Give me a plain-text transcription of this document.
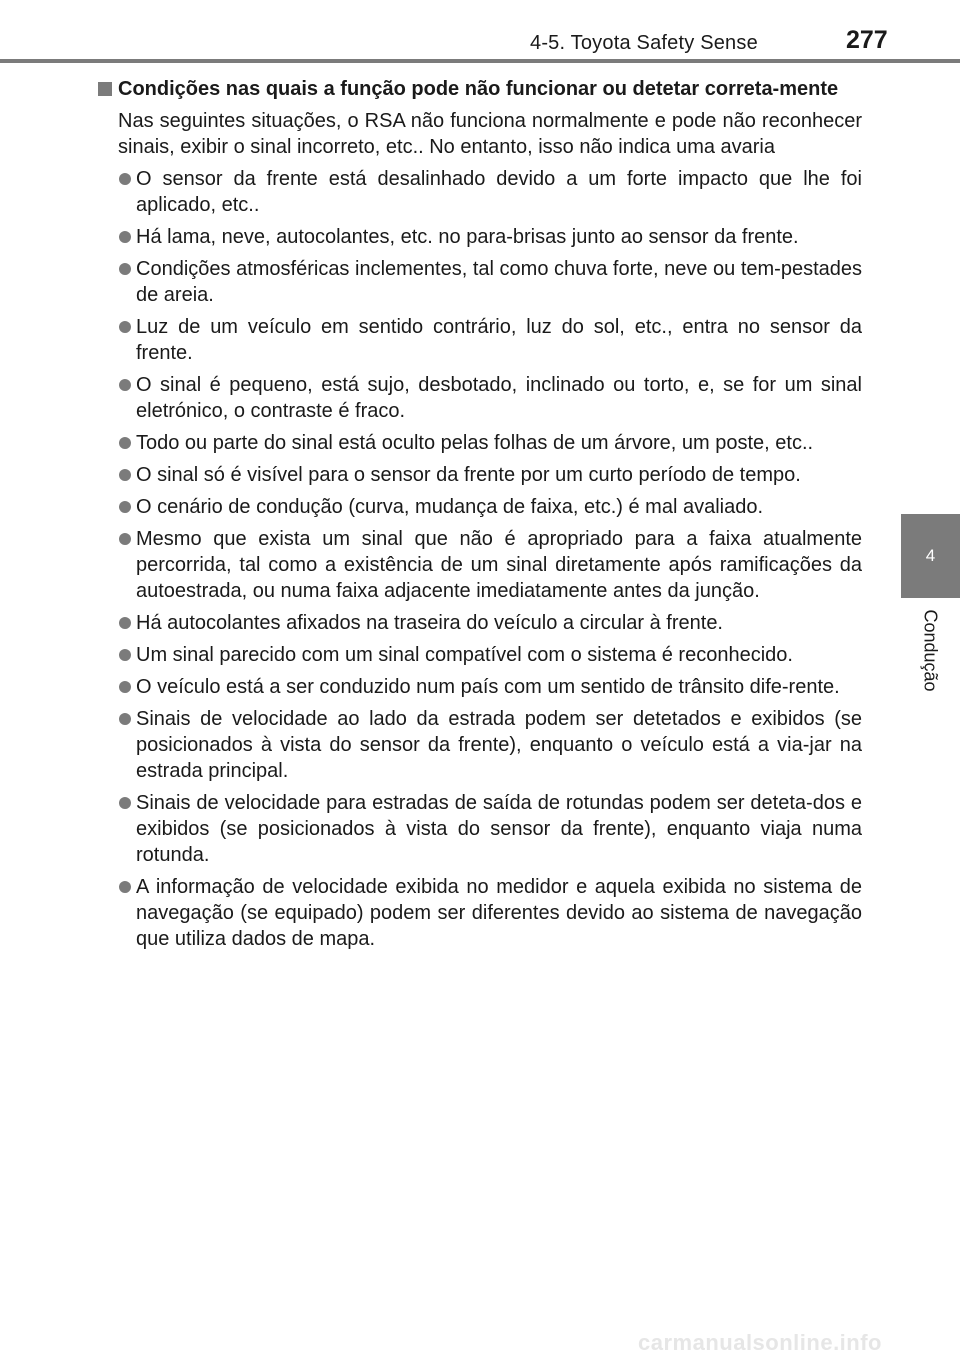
4-5. Toyota Safety Sense	277
4
Condução
Condições nas quais a função pode não funcionar ou detetar correta-mente

Nas seguintes situações, o RSA não funciona normalmente e pode não reconhecer sinais, exibir o sinal incorreto, etc.. No entanto, isso não indica uma avaria

O sensor da frente está desalinhado devido a um forte impacto que lhe foi aplicado, etc..
Há lama, neve, autocolantes, etc. no para-brisas junto ao sensor da frente.
Condições atmosféricas inclementes, tal como chuva forte, neve ou tem-pestades de areia.
Luz de um veículo em sentido contrário, luz do sol, etc., entra no sensor da frente.
O sinal é pequeno, está sujo, desbotado, inclinado ou torto, e, se for um sinal eletrónico, o contraste é fraco.
Todo ou parte do sinal está oculto pelas folhas de um árvore, um poste, etc..
O sinal só é visível para o sensor da frente por um curto período de tempo.
O cenário de condução (curva, mudança de faixa, etc.) é mal avaliado.
Mesmo que exista um sinal que não é apropriado para a faixa atualmente percorrida, tal como a existência de um sinal diretamente após ramificações da autoestrada, ou numa faixa adjacente imediatamente antes da junção.
Há autocolantes afixados na traseira do veículo a circular à frente.
Um sinal parecido com um sinal compatível com o sistema é reconhecido.
O veículo está a ser conduzido num país com um sentido de trânsito dife-rente.
Sinais de velocidade ao lado da estrada podem ser detetados e exibidos (se posicionados à vista do sensor da frente), enquanto o veículo está a via-jar na estrada principal.
Sinais de velocidade para estradas de saída de rotundas podem ser deteta-dos e exibidos (se posicionados à vista do sensor da frente), enquanto viaja numa rotunda.
A informação de velocidade exibida no medidor e aquela exibida no sistema de navegação (se equipado) podem ser diferentes devido ao sistema de navegação que utiliza dados de mapa.
carmanualsonline.info
